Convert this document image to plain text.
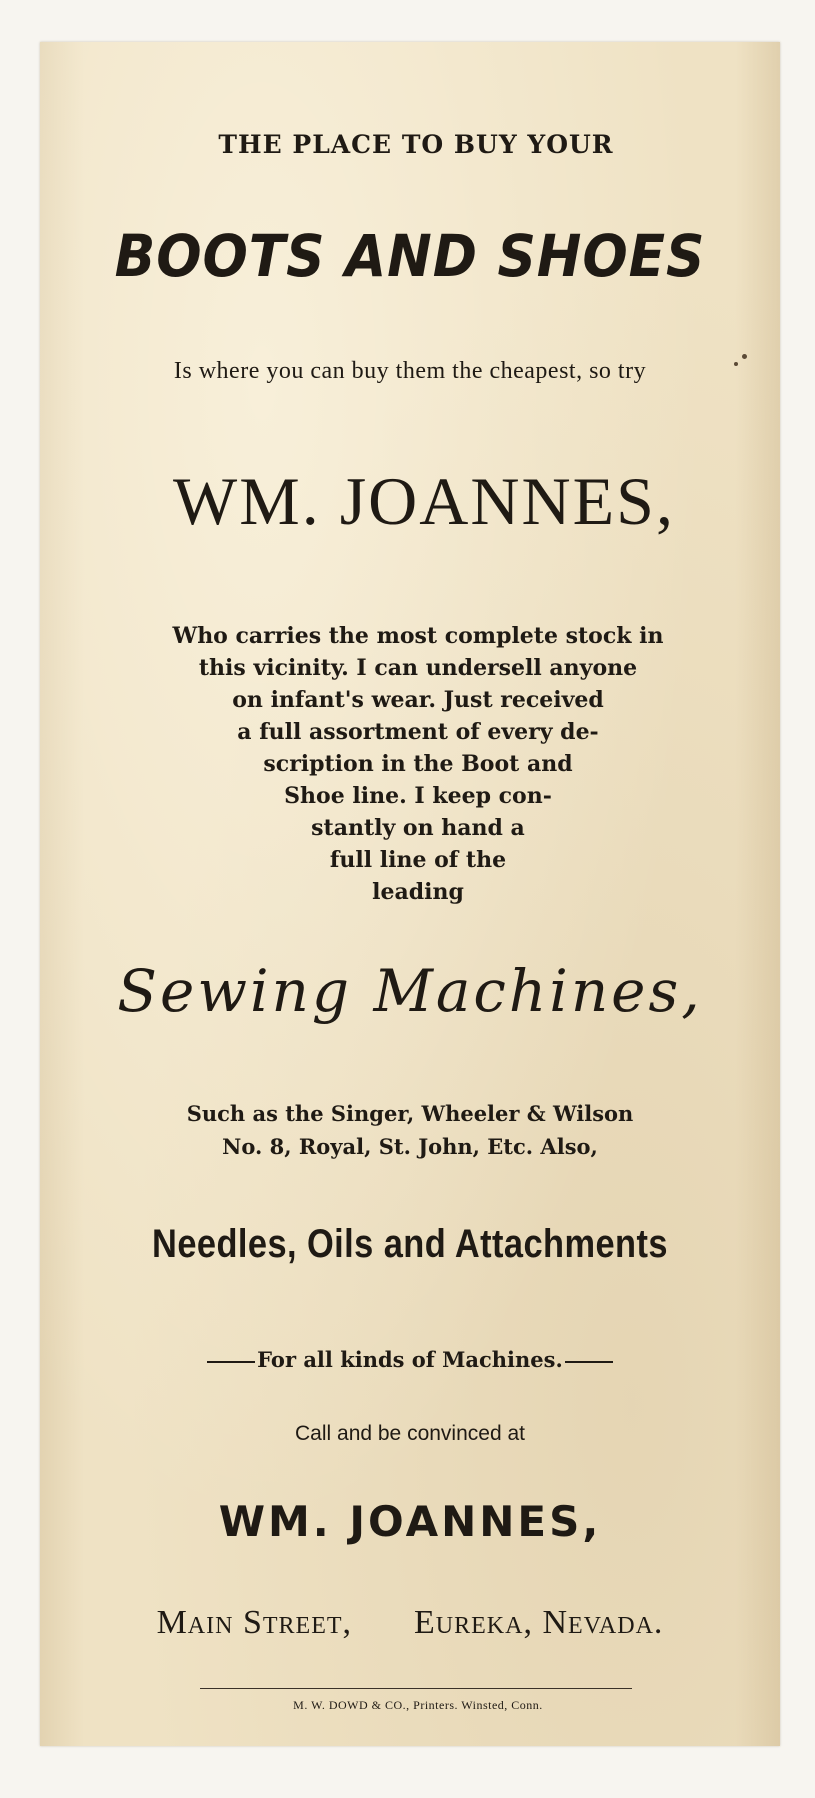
THE PLACE TO BUY YOUR
BOOTS AND SHOES
Is where you can buy them the cheapest, so try
WM. JOANNES,
Who carries the most complete stock in
this vicinity. I can undersell anyone
on infant's wear. Just received
a full assortment of every de-
scription in the Boot and
Shoe line. I keep con-
stantly on hand a
full line of the
leading
Sewing Machines,
Such as the Singer, Wheeler & Wilson
No. 8, Royal, St. John, Etc. Also,
Needles, Oils and Attachments
For all kinds of Machines.
Call and be convinced at
WM. JOANNES,
Main Street, Eureka, Nevada.
M. W. DOWD & CO., Printers. Winsted, Conn.
